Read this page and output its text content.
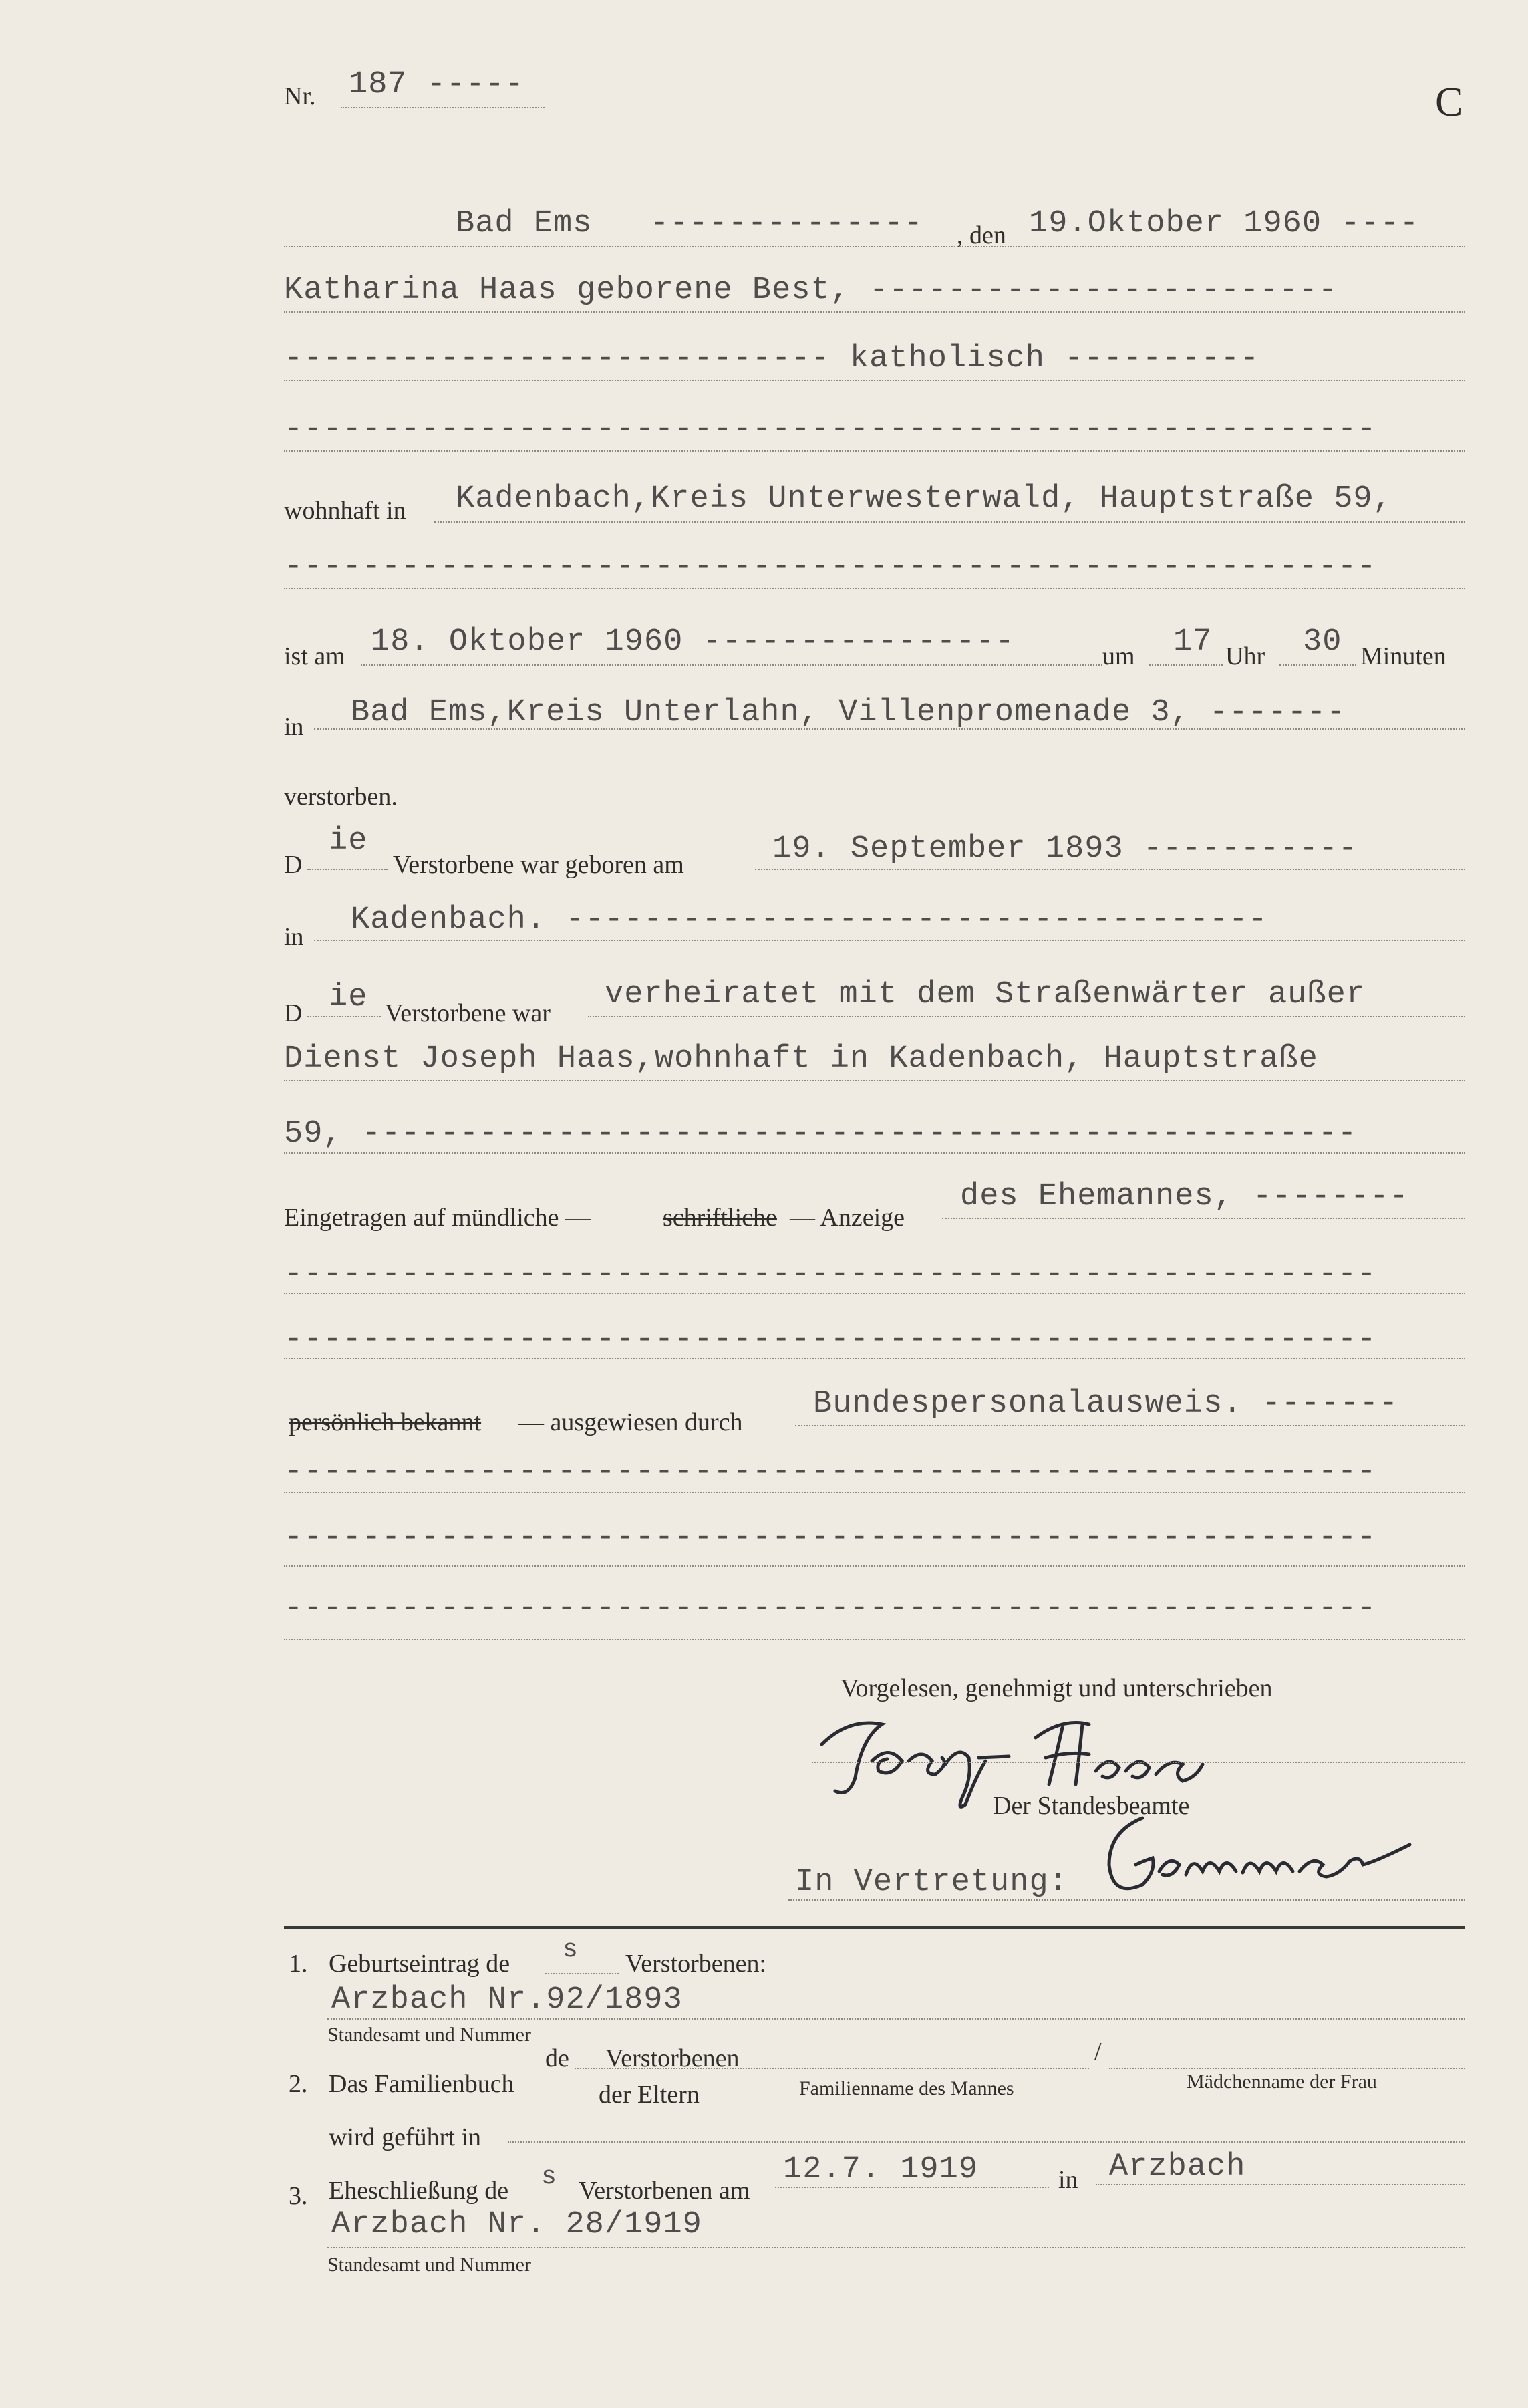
Nr. 187 -----	C
Bad Ems -------------- , den 19.Oktober 1960 ----
Katharina Haas geborene Best, ------------------------
---------------------------- katholisch ----------
--------------------------------------------------------
wohnhaft in Kadenbach,Kreis Unterwesterwald, Hauptstraße 59,
--------------------------------------------------------
ist am 18. Oktober 1960 ----------------	um 17 Uhr 30 Minuten
in Bad Ems,Kreis Unterlahn, Villenpromenade 3, -------
verstorben.
D
ie
Verstorbene war geboren am	19. September 1893 -----------
in Kadenbach. ------------------------------------
D ie Verstorbene war
verheiratet mit dem Straßenwärter außer
Dienst Joseph Haas,wohnhaft in Kadenbach, Hauptstraße
59, ---------------------------------------------------
Eingetragen auf mündliche —	schriftliche — Anzeige
des Ehemannes, --------
--------------------------------------------------------
--------------------------------------------------------
persönlich bekannt — ausgewiesen durch
Bundespersonalausweis. -------
--------------------------------------------------------
--------------------------------------------------------
--------------------------------------------------------
Vorgelesen, genehmigt und unterschrieben
Josef Haas	Der Standesbeamte
In Vertretung:
Gemmer
1. Geburtseintrag de s Verstorbenen:
Arzbach Nr.92/1893
Standesamt und Nummer
2. Das Familienbuch
de Verstorbenen	/
der Eltern	Familienname des Mannes	Mädchenname der Frau
wird geführt in
3. Eheschließung de s Verstorbenen am
12.7. 1919	in Arzbach
Arzbach Nr. 28/1919
Standesamt und Nummer
